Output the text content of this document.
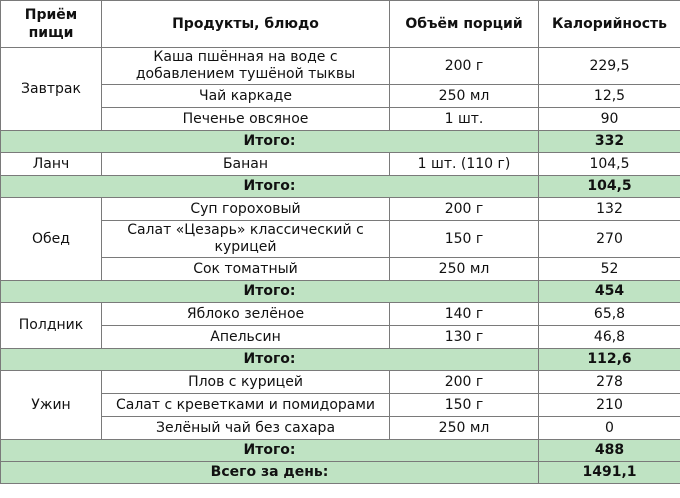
Приём пищи	Продукты, блюдо	Объём порций	Калорийность
Завтрак	Каша пшённая на воде с добавлением тушёной тыквы	200 г	229,5
	Чай каркаде	250 мл	12,5
	Печенье овсяное	1 шт.	90
Итого:			332
Ланч	Банан	1 шт. (110 г)	104,5
Итого:			104,5
Обед	Суп гороховый	200 г	132
	Салат «Цезарь» классический с курицей	150 г	270
	Сок томатный	250 мл	52
Итого:			454
Полдник	Яблоко зелёное	140 г	65,8
	Апельсин	130 г	46,8
Итого:			112,6
Ужин	Плов с курицей	200 г	278
	Салат с креветками и помидорами	150 г	210
	Зелёный чай без сахара	250 мл	0
Итого:			488
Всего за день:			1491,1
